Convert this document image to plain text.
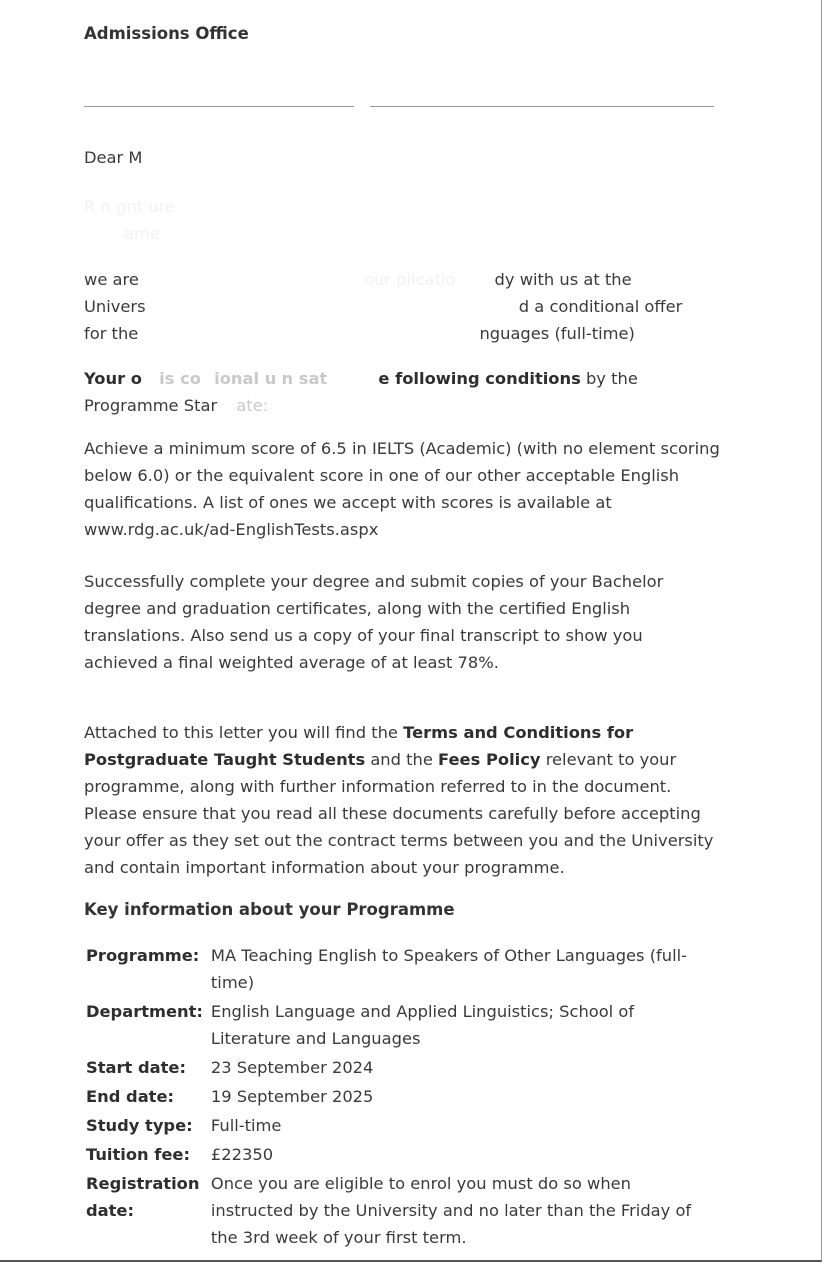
Admissions Office

Dear M

R n gnt ure
ame

we are	our plicatio dy with us at the
Univers	d a conditional offer
for the	nguages (full-time)
Your o is co ional u n sat	e following conditions by the
Programme Star ate:

Achieve a minimum score of 6.5 in IELTS (Academic) (with no element scoring below 6.0) or the equivalent score in one of our other acceptable English qualifications. A list of ones we accept with scores is available at www.rdg.ac.uk/ad-EnglishTests.aspx

Successfully complete your degree and submit copies of your Bachelor degree and graduation certificates, along with the certified English translations. Also send us a copy of your final transcript to show you achieved a final weighted average of at least 78%.

Attached to this letter you will find the Terms and Conditions for Postgraduate Taught Students and the Fees Policy relevant to your programme, along with further information referred to in the document. Please ensure that you read all these documents carefully before accepting your offer as they set out the contract terms between you and the University and contain important information about your programme.

Key information about your Programme
Programme:	MA Teaching English to Speakers of Other Languages (full-time)
Department:	English Language and Applied Linguistics; School of Literature and Languages
Start date:	23 September 2024
End date:	19 September 2025
Study type:	Full-time
Tuition fee:	£22350
Registration date:	Once you are eligible to enrol you must do so when instructed by the University and no later than the Friday of the 3rd week of your first term.
